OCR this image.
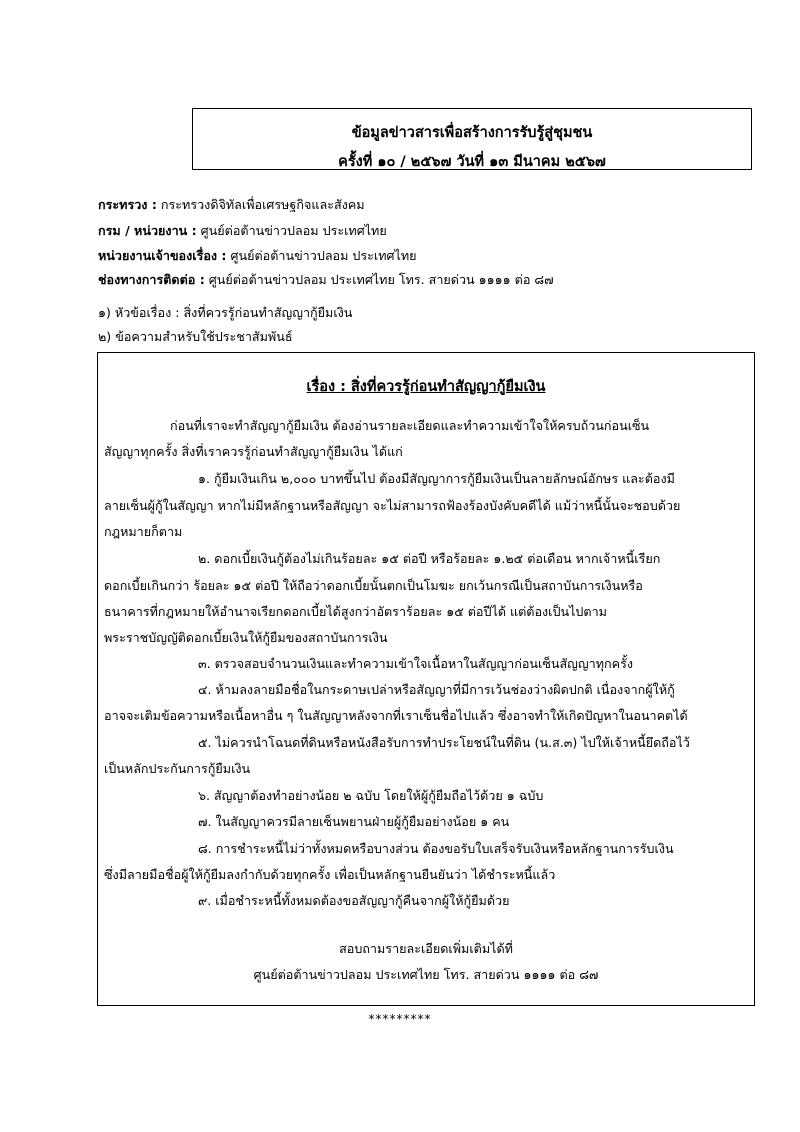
ข้อมูลข่าวสารเพื่อสร้างการรับรู้สู่ชุมชน
ครั้งที่ ๑๐ / ๒๕๖๗ วันที่ ๑๓ มีนาคม ๒๕๖๗
กระทรวง : กระทรวงดิจิทัลเพื่อเศรษฐกิจและสังคม
กรม / หน่วยงาน : ศูนย์ต่อต้านข่าวปลอม ประเทศไทย
หน่วยงานเจ้าของเรื่อง : ศูนย์ต่อต้านข่าวปลอม ประเทศไทย
ช่องทางการติดต่อ : ศูนย์ต่อต้านข่าวปลอม ประเทศไทย โทร. สายด่วน ๑๑๑๑ ต่อ ๘๗
๑) หัวข้อเรื่อง : สิ่งที่ควรรู้ก่อนทำสัญญากู้ยืมเงิน
๒) ข้อความสำหรับใช้ประชาสัมพันธ์
เรื่อง : สิ่งที่ควรรู้ก่อนทำสัญญากู้ยืมเงิน
ก่อนที่เราจะทำสัญญากู้ยืมเงิน ต้องอ่านรายละเอียดและทำความเข้าใจให้ครบถ้วนก่อนเซ็น
สัญญาทุกครั้ง สิ่งที่เราควรรู้ก่อนทำสัญญากู้ยืมเงิน ได้แก่
๑. กู้ยืมเงินเกิน ๒,๐๐๐ บาทขึ้นไป ต้องมีสัญญาการกู้ยืมเงินเป็นลายลักษณ์อักษร และต้องมี
ลายเซ็นผู้กู้ในสัญญา หากไม่มีหลักฐานหรือสัญญา จะไม่สามารถฟ้องร้องบังคับคดีได้ แม้ว่าหนี้นั้นจะชอบด้วย
กฎหมายก็ตาม
๒. ดอกเบี้ยเงินกู้ต้องไม่เกินร้อยละ ๑๕ ต่อปี หรือร้อยละ ๑.๒๕ ต่อเดือน หากเจ้าหนี้เรียก
ดอกเบี้ยเกินกว่า ร้อยละ ๑๕ ต่อปี ให้ถือว่าดอกเบี้ยนั้นตกเป็นโมฆะ ยกเว้นกรณีเป็นสถาบันการเงินหรือ
ธนาคารที่กฎหมายให้อำนาจเรียกดอกเบี้ยได้สูงกว่าอัตราร้อยละ ๑๕ ต่อปีได้ แต่ต้องเป็นไปตาม
พระราชบัญญัติดอกเบี้ยเงินให้กู้ยืมของสถาบันการเงิน
๓. ตรวจสอบจำนวนเงินและทำความเข้าใจเนื้อหาในสัญญาก่อนเซ็นสัญญาทุกครั้ง
๔. ห้ามลงลายมือชื่อในกระดาษเปล่าหรือสัญญาที่มีการเว้นช่องว่างผิดปกติ เนื่องจากผู้ให้กู้
อาจจะเติมข้อความหรือเนื้อหาอื่น ๆ ในสัญญาหลังจากที่เราเซ็นชื่อไปแล้ว ซึ่งอาจทำให้เกิดปัญหาในอนาคตได้
๕. ไม่ควรนำโฉนดที่ดินหรือหนังสือรับการทำประโยชน์ในที่ดิน (น.ส.๓) ไปให้เจ้าหนี้ยึดถือไว้
เป็นหลักประกันการกู้ยืมเงิน
๖. สัญญาต้องทำอย่างน้อย ๒ ฉบับ โดยให้ผู้กู้ยืมถือไว้ด้วย ๑ ฉบับ
๗. ในสัญญาควรมีลายเซ็นพยานฝ่ายผู้กู้ยืมอย่างน้อย ๑ คน
๘. การชำระหนี้ไม่ว่าทั้งหมดหรือบางส่วน ต้องขอรับใบเสร็จรับเงินหรือหลักฐานการรับเงิน
ซึ่งมีลายมือชื่อผู้ให้กู้ยืมลงกำกับด้วยทุกครั้ง เพื่อเป็นหลักฐานยืนยันว่า ได้ชำระหนี้แล้ว
๙. เมื่อชำระหนี้ทั้งหมดต้องขอสัญญากู้คืนจากผู้ให้กู้ยืมด้วย
สอบถามรายละเอียดเพิ่มเติมได้ที่
ศูนย์ต่อต้านข่าวปลอม ประเทศไทย โทร. สายด่วน ๑๑๑๑ ต่อ ๘๗
*********
